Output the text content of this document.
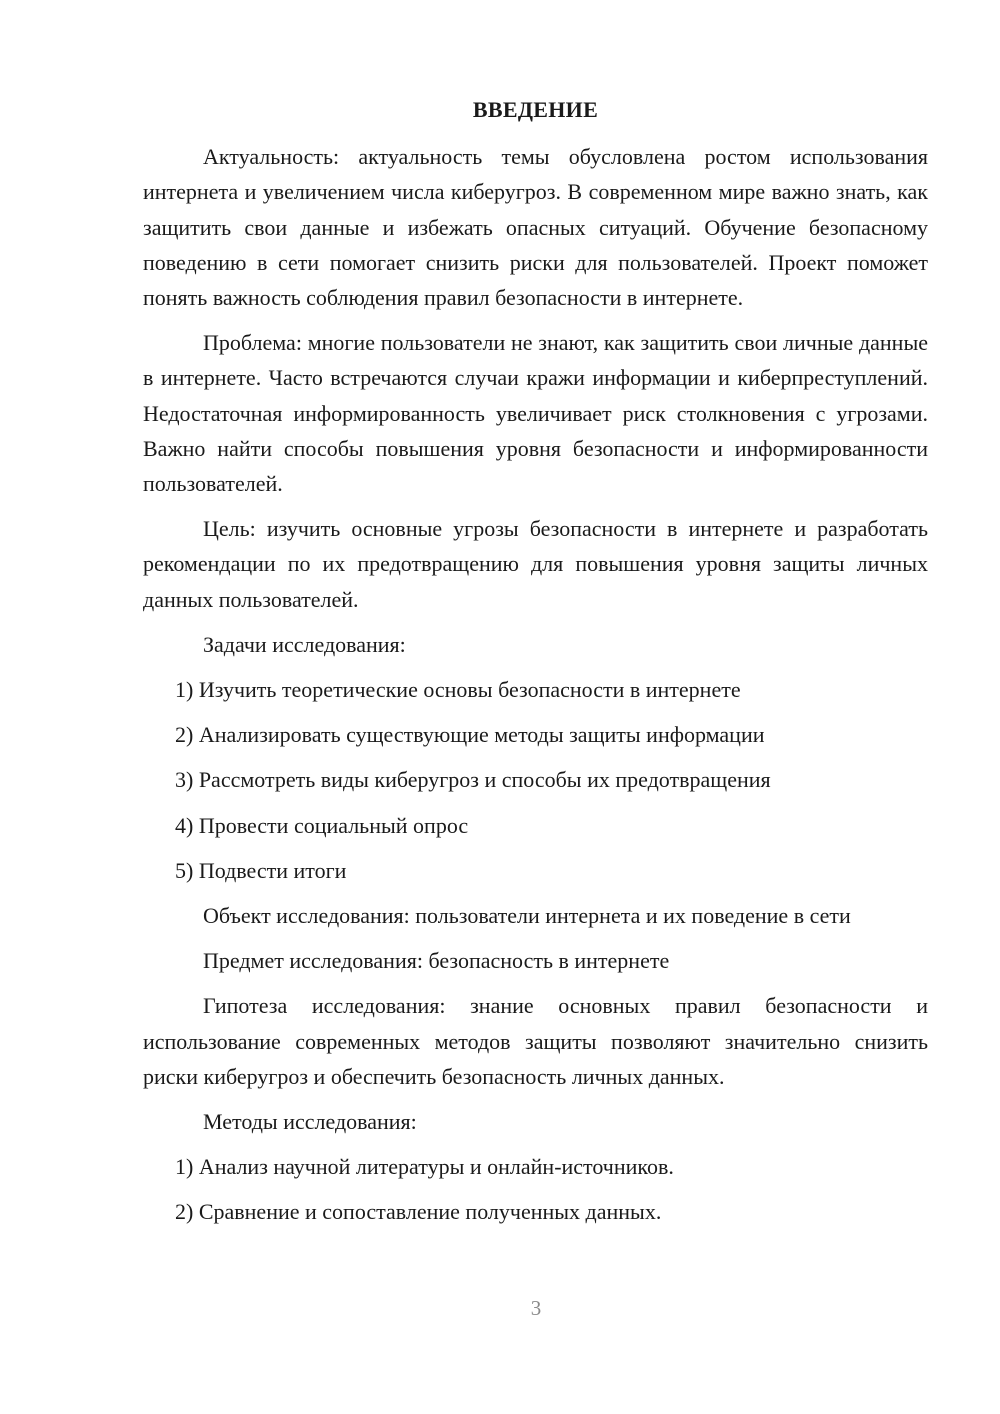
ВВЕДЕНИЕ

Актуальность: актуальность темы обусловлена ростом использования интернета и увеличением числа киберугроз. В современном мире важно знать, как защитить свои данные и избежать опасных ситуаций. Обучение безопасному поведению в сети помогает снизить риски для пользователей. Проект поможет понять важность соблюдения правил безопасности в интернете.

Проблема: многие пользователи не знают, как защитить свои личные данные в интернете. Часто встречаются случаи кражи информации и киберпреступлений. Недостаточная информированность увеличивает риск столкновения с угрозами. Важно найти способы повышения уровня безопасности и информированности пользователей.

Цель: изучить основные угрозы безопасности в интернете и разработать рекомендации по их предотвращению для повышения уровня защиты личных данных пользователей.

Задачи исследования:

1) Изучить теоретические основы безопасности в интернете
2) Анализировать существующие методы защиты информации
3) Рассмотреть виды киберугроз и способы их предотвращения
4) Провести социальный опрос
5) Подвести итоги

Объект исследования: пользователи интернета и их поведение в сети

Предмет исследования: безопасность в интернете

Гипотеза исследования: знание основных правил безопасности и использование современных методов защиты позволяют значительно снизить риски киберугроз и обеспечить безопасность личных данных.

Методы исследования:

1) Анализ научной литературы и онлайн-источников.
2) Сравнение и сопоставление полученных данных.
3
